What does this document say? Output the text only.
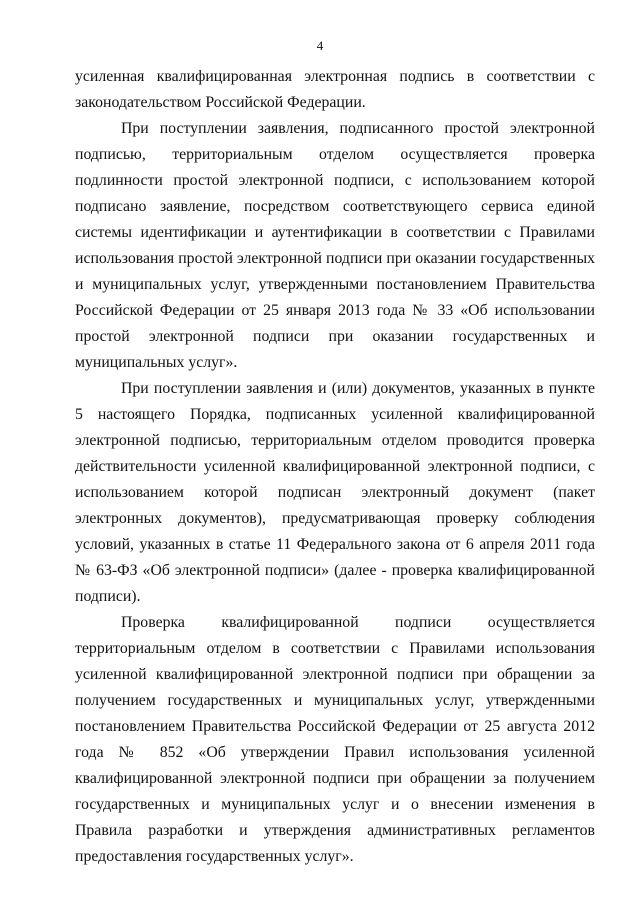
4

усиленная квалифицированная электронная подпись в соответствии с законодательством Российской Федерации.

При поступлении заявления, подписанного простой электронной подписью, территориальным отделом осуществляется проверка подлинности простой электронной подписи, с использованием которой подписано заявление, посредством соответствующего сервиса единой системы идентификации и аутентификации в соответствии с Правилами использования простой электронной подписи при оказании государственных и муниципальных услуг, утвержденными постановлением Правительства Российской Федерации от 25 января 2013 года № 33 «Об использовании простой электронной подписи при оказании государственных и муниципальных услуг».

При поступлении заявления и (или) документов, указанных в пункте 5 настоящего Порядка, подписанных усиленной квалифицированной электронной подписью, территориальным отделом проводится проверка действительности усиленной квалифицированной электронной подписи, с использованием которой подписан электронный документ (пакет электронных документов), предусматривающая проверку соблюдения условий, указанных в статье 11 Федерального закона от 6 апреля 2011 года № 63-ФЗ «Об электронной подписи» (далее - проверка квалифицированной подписи).

Проверка квалифицированной подписи осуществляется территориальным отделом в соответствии с Правилами использования усиленной квалифицированной электронной подписи при обращении за получением государственных и муниципальных услуг, утвержденными постановлением Правительства Российской Федерации от 25 августа 2012 года № 852 «Об утверждении Правил использования усиленной квалифицированной электронной подписи при обращении за получением государственных и муниципальных услуг и о внесении изменения в Правила разработки и утверждения административных регламентов предоставления государственных услуг».
